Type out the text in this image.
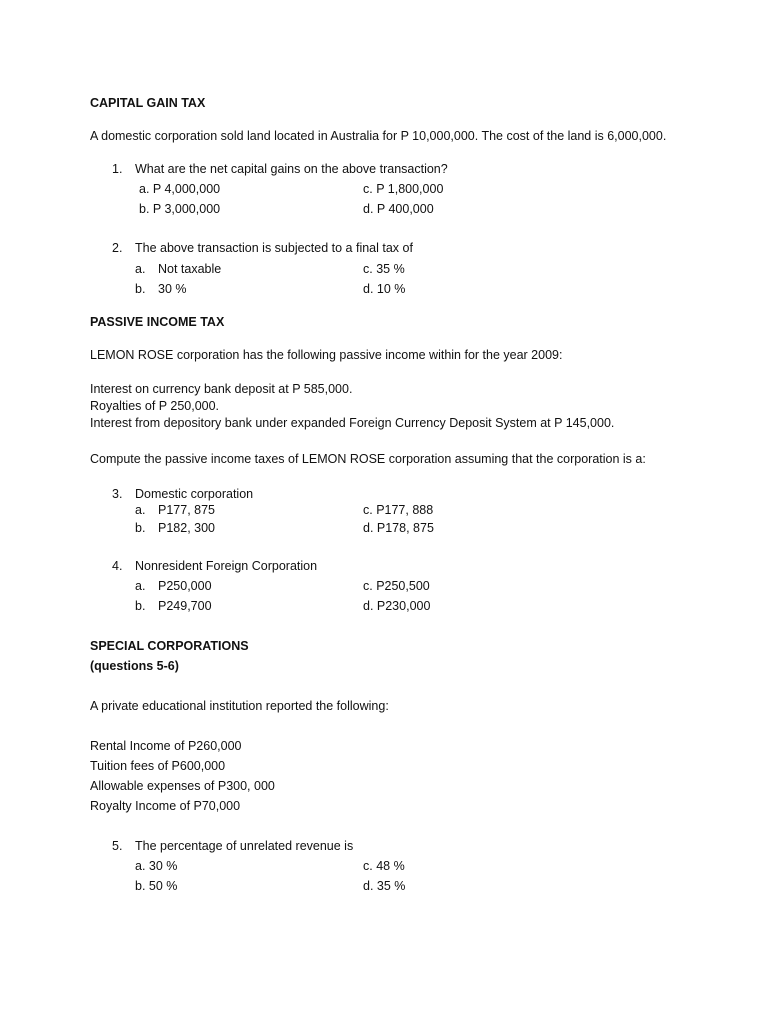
CAPITAL GAIN TAX
A domestic corporation sold land located in Australia for P 10,000,000. The cost of the land is 6,000,000.
1. What are the net capital gains on the above transaction?
a. P 4,000,000	c. P 1,800,000
b. P 3,000,000	d. P 400,000
2. The above transaction is subjected to a final tax of
a. Not taxable	c. 35 %
b. 30 %	d. 10 %
PASSIVE INCOME TAX
LEMON ROSE corporation has the following passive income within for the year 2009:
Interest on currency bank deposit at P 585,000.
Royalties of P 250,000.
Interest from depository bank under expanded Foreign Currency Deposit System at P 145,000.
Compute the passive income taxes of LEMON ROSE corporation assuming that the corporation is a:
3. Domestic corporation
a. P177, 875	c. P177, 888
b. P182, 300	d. P178, 875
4. Nonresident Foreign Corporation
a. P250,000	c. P250,500
b. P249,700	d. P230,000
SPECIAL CORPORATIONS
(questions 5-6)
A private educational institution reported the following:
Rental Income of P260,000
Tuition fees of P600,000
Allowable expenses of P300, 000
Royalty Income of P70,000
5. The percentage of unrelated revenue is
a. 30 %	c. 48 %
b. 50 %	d. 35 %
